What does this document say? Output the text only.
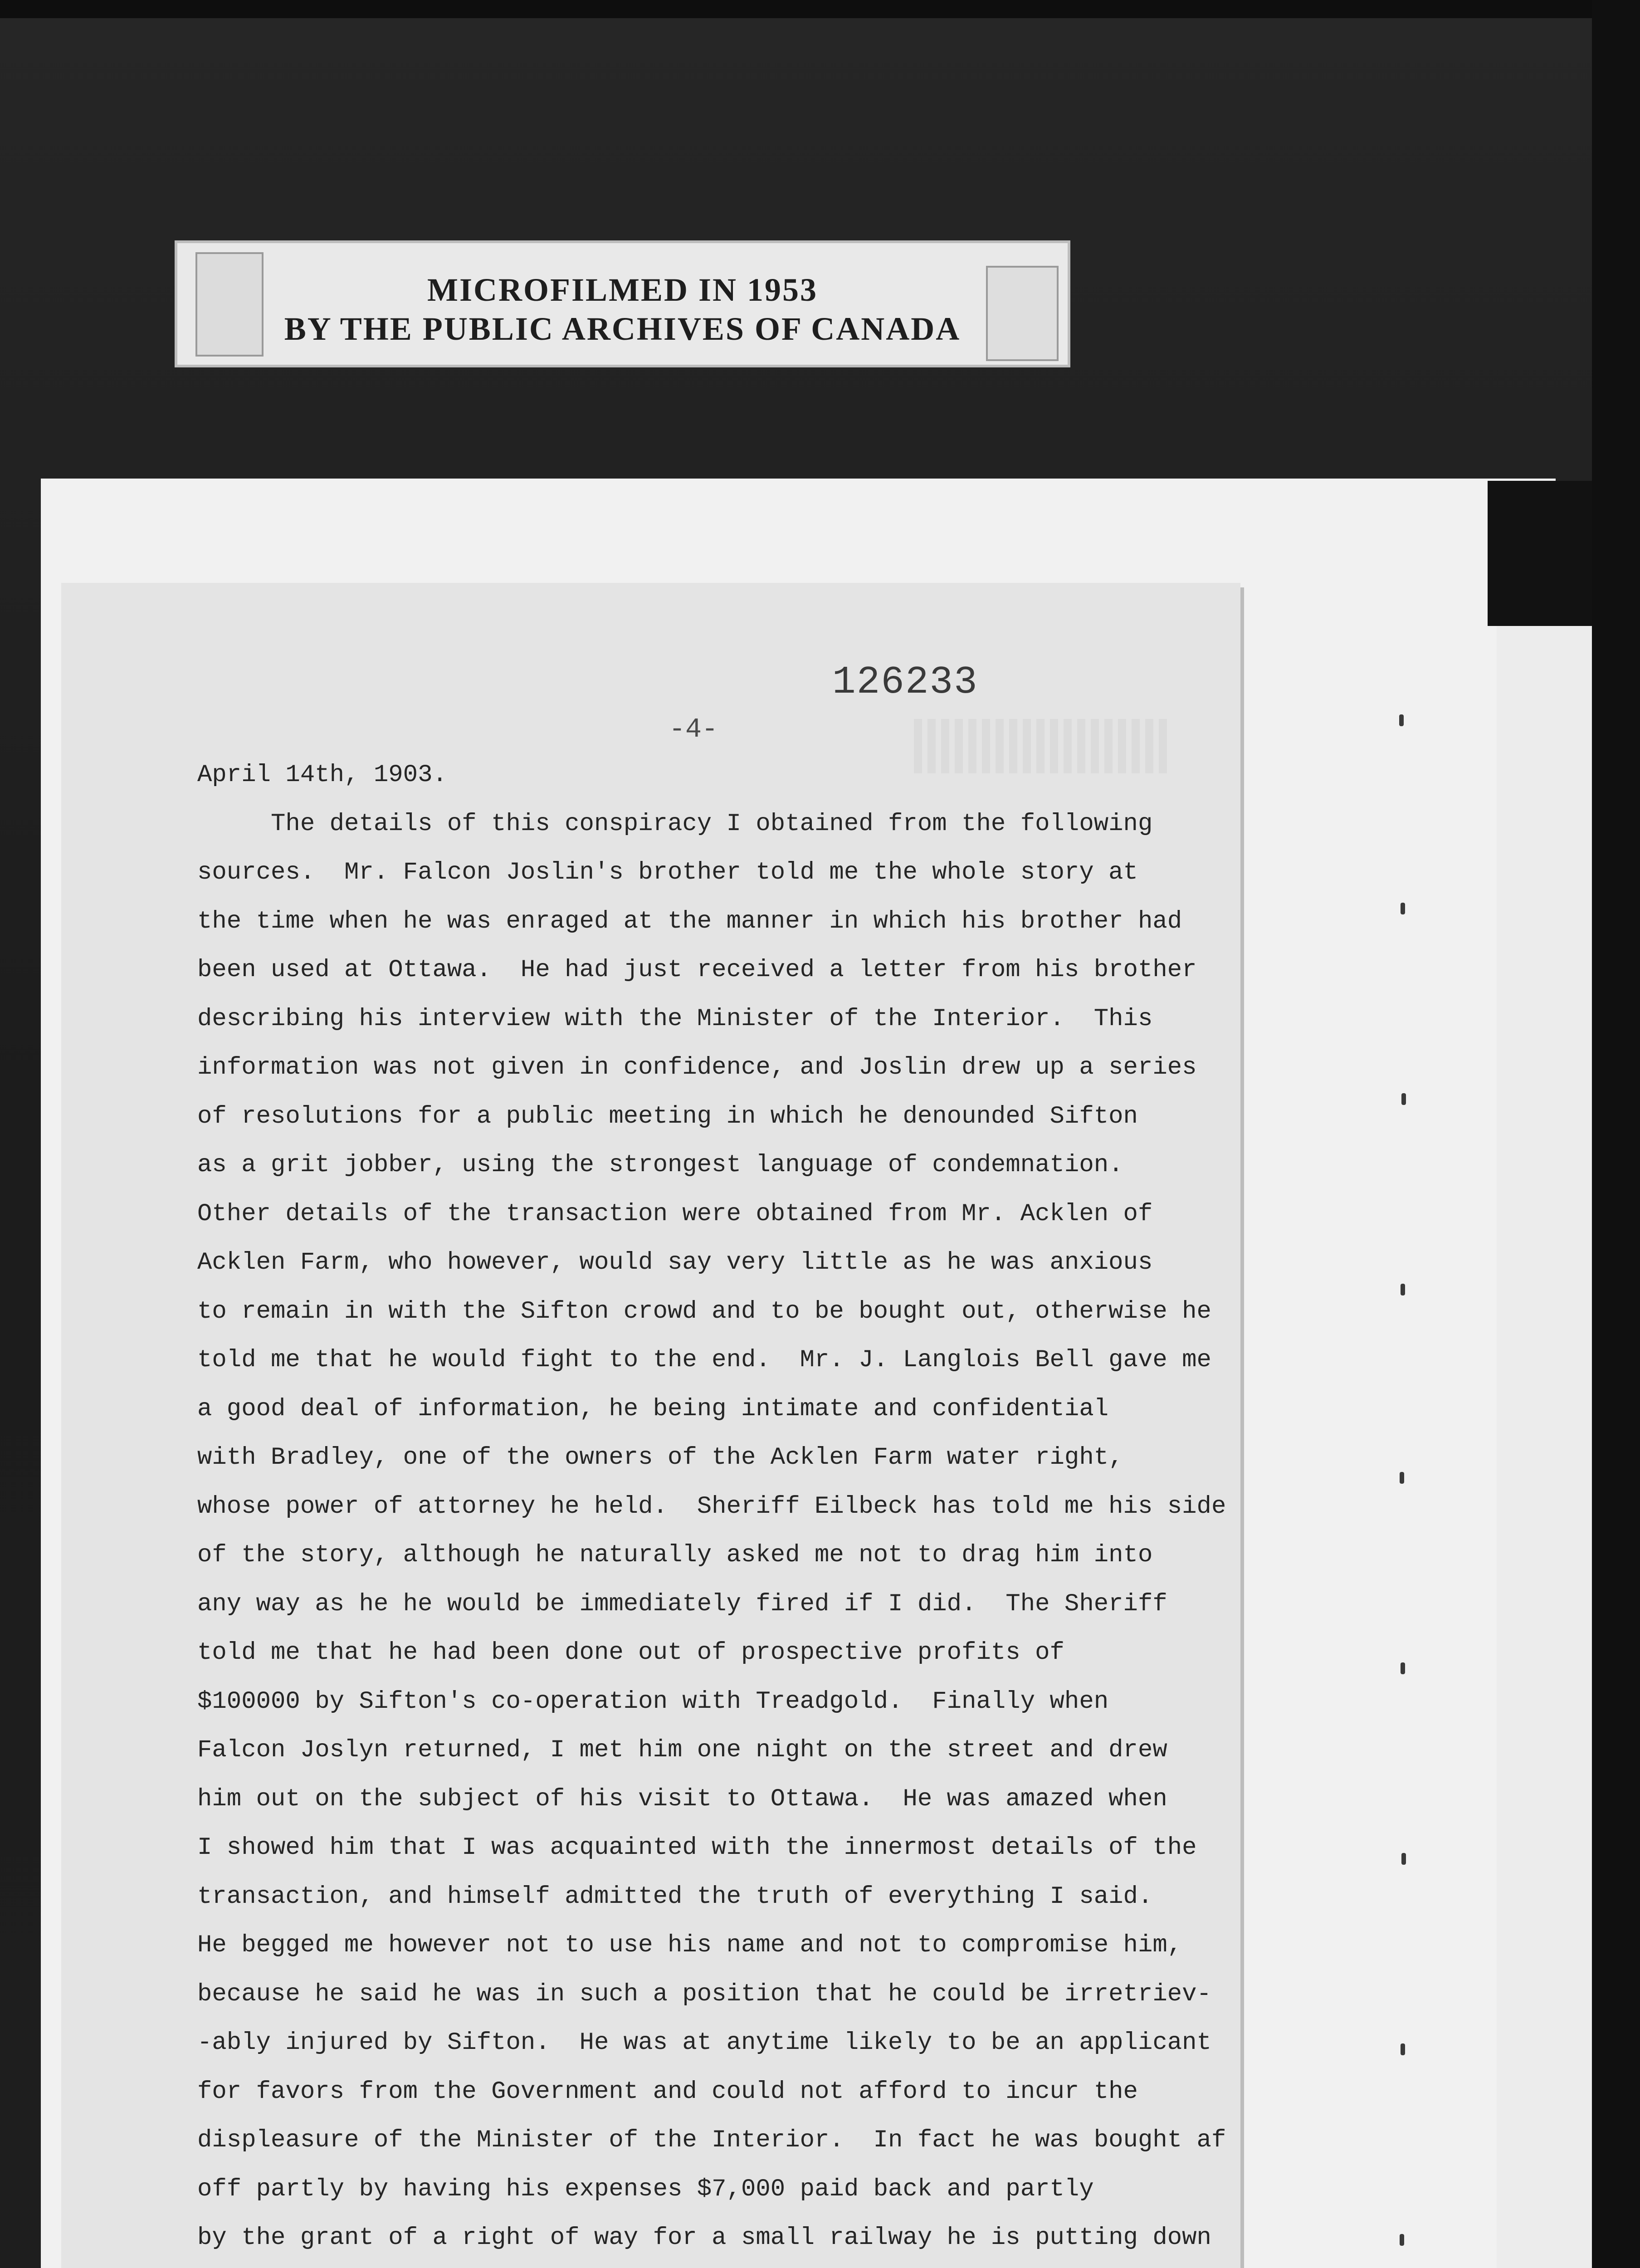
MICROFILMED IN 1953
BY THE PUBLIC ARCHIVES OF CANADA
126233
-4-
April 14th, 1903.
The details of this conspiracy I obtained from the following
sources.  Mr. Falcon Joslin's brother told me the whole story at
the time when he was enraged at the manner in which his brother had
been used at Ottawa.  He had just received a letter from his brother
describing his interview with the Minister of the Interior.  This
information was not given in confidence, and Joslin drew up a series
of resolutions for a public meeting in which he denounded Sifton
as a grit jobber, using the strongest language of condemnation.
Other details of the transaction were obtained from Mr. Acklen of
Acklen Farm, who however, would say very little as he was anxious
to remain in with the Sifton crowd and to be bought out, otherwise he
told me that he would fight to the end.  Mr. J. Langlois Bell gave me
a good deal of information, he being intimate and confidential
with Bradley, one of the owners of the Acklen Farm water right,
whose power of attorney he held.  Sheriff Eilbeck has told me his side
of the story, although he naturally asked me not to drag him into
any way as he he would be immediately fired if I did.  The Sheriff
told me that he had been done out of prospective profits of
$100000 by Sifton's co-operation with Treadgold.  Finally when
Falcon Joslyn returned, I met him one night on the street and drew
him out on the subject of his visit to Ottawa.  He was amazed when
I showed him that I was acquainted with the innermost details of the
transaction, and himself admitted the truth of everything I said.
He begged me however not to use his name and not to compromise him,
because he said he was in such a position that he could be irretriev-
-ably injured by Sifton.  He was at anytime likely to be an applicant
for favors from the Government and could not afford to incur the
displeasure of the Minister of the Interior.  In fact he was bought af
off partly by having his expenses $7,000 paid back and partly
by the grant of a right of way for a small railway he is putting down
